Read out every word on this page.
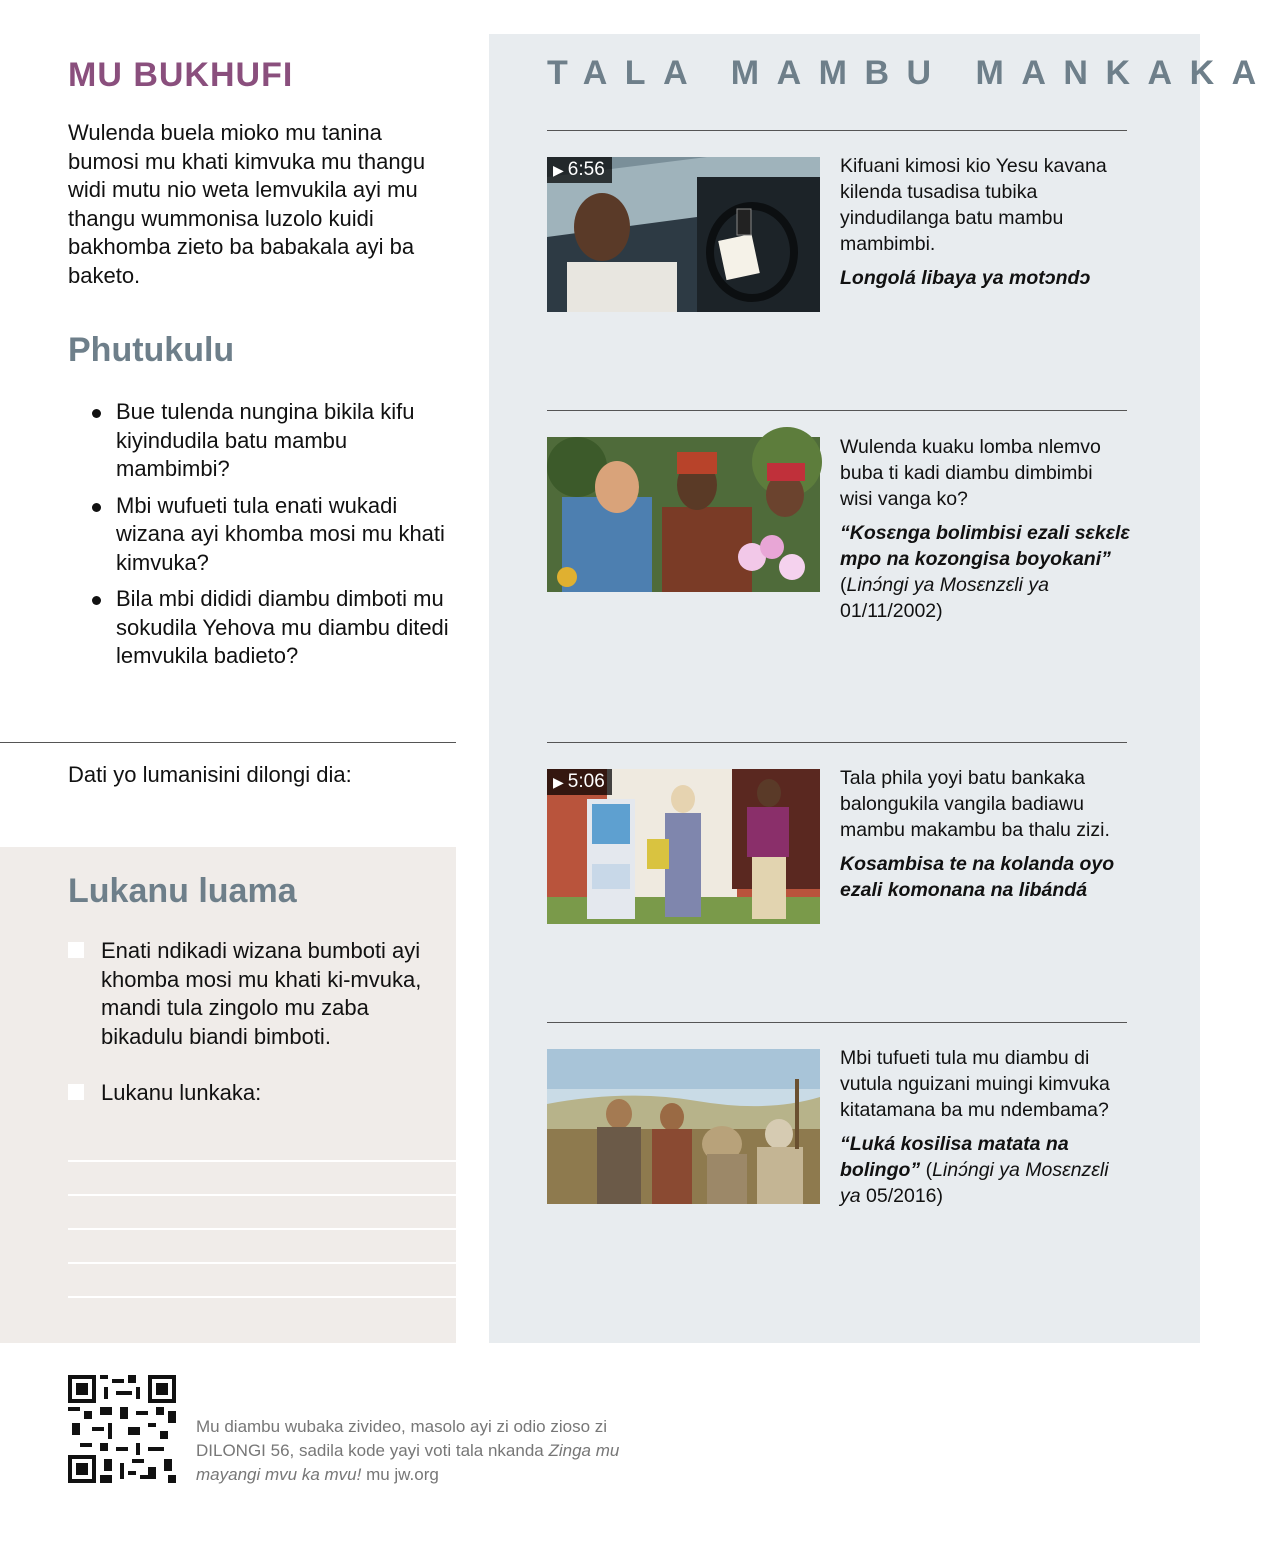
MU BUKHUFI
Wulenda buela mioko mu tanina bumosi mu khati kimvuka mu thangu widi mutu nio weta lemvukila ayi mu thangu wummonisa luzolo kuidi bakhomba zieto ba babakala ayi ba baketo.
Phutukulu
Bue tulenda nungina bikila kifu kiyindudila batu mambu mambimbi?
Mbi wufueti tula enati wukadi wizana ayi khomba mosi mu khati kimvuka?
Bila mbi dididi diambu dimboti mu sokudila Yehova mu diambu ditedi lemvukila badieto?
Dati yo lumanisini dilongi dia:
Lukanu luama
Enati ndikadi wizana bumboti ayi khomba mosi mu khati ki-mvuka, mandi tula zingolo mu zaba bikadulu biandi bimboti.
Lukanu lunkaka:
TALA MAMBU MANKAKA
▶ 6:56	Kifuani kimosi kio Yesu kavana kilenda tusadisa tubika yindudilanga batu mambu mambimbi.
Longolá libaya ya motɔndɔ
Wulenda kuaku lomba nlemvo buba ti kadi diambu dimbimbi wisi vanga ko?
“Kosɛnga bolimbisi ezali sɛkɛlɛ mpo na kozongisa boyokani” (Linɔ́ngi ya Mosɛnzɛli ya 01/11/2002)
▶ 5:06	Tala phila yoyi batu bankaka balongukila vangila badiawu mambu makambu ba thalu zizi.
Kosambisa te na kolanda oyo ezali komonana na libándá
Mbi tufueti tula mu diambu di vutula nguizani muingi kimvuka kitatamana ba mu ndembama?
“Luká kosilisa matata na bolingo” (Linɔ́ngi ya Mosɛnzɛli ya 05/2016)
Mu diambu wubaka zivideo, masolo ayi zi odio zioso zi DILONGI 56, sadila kode yayi voti tala nkanda Zinga mu mayangi mvu ka mvu! mu jw.org
